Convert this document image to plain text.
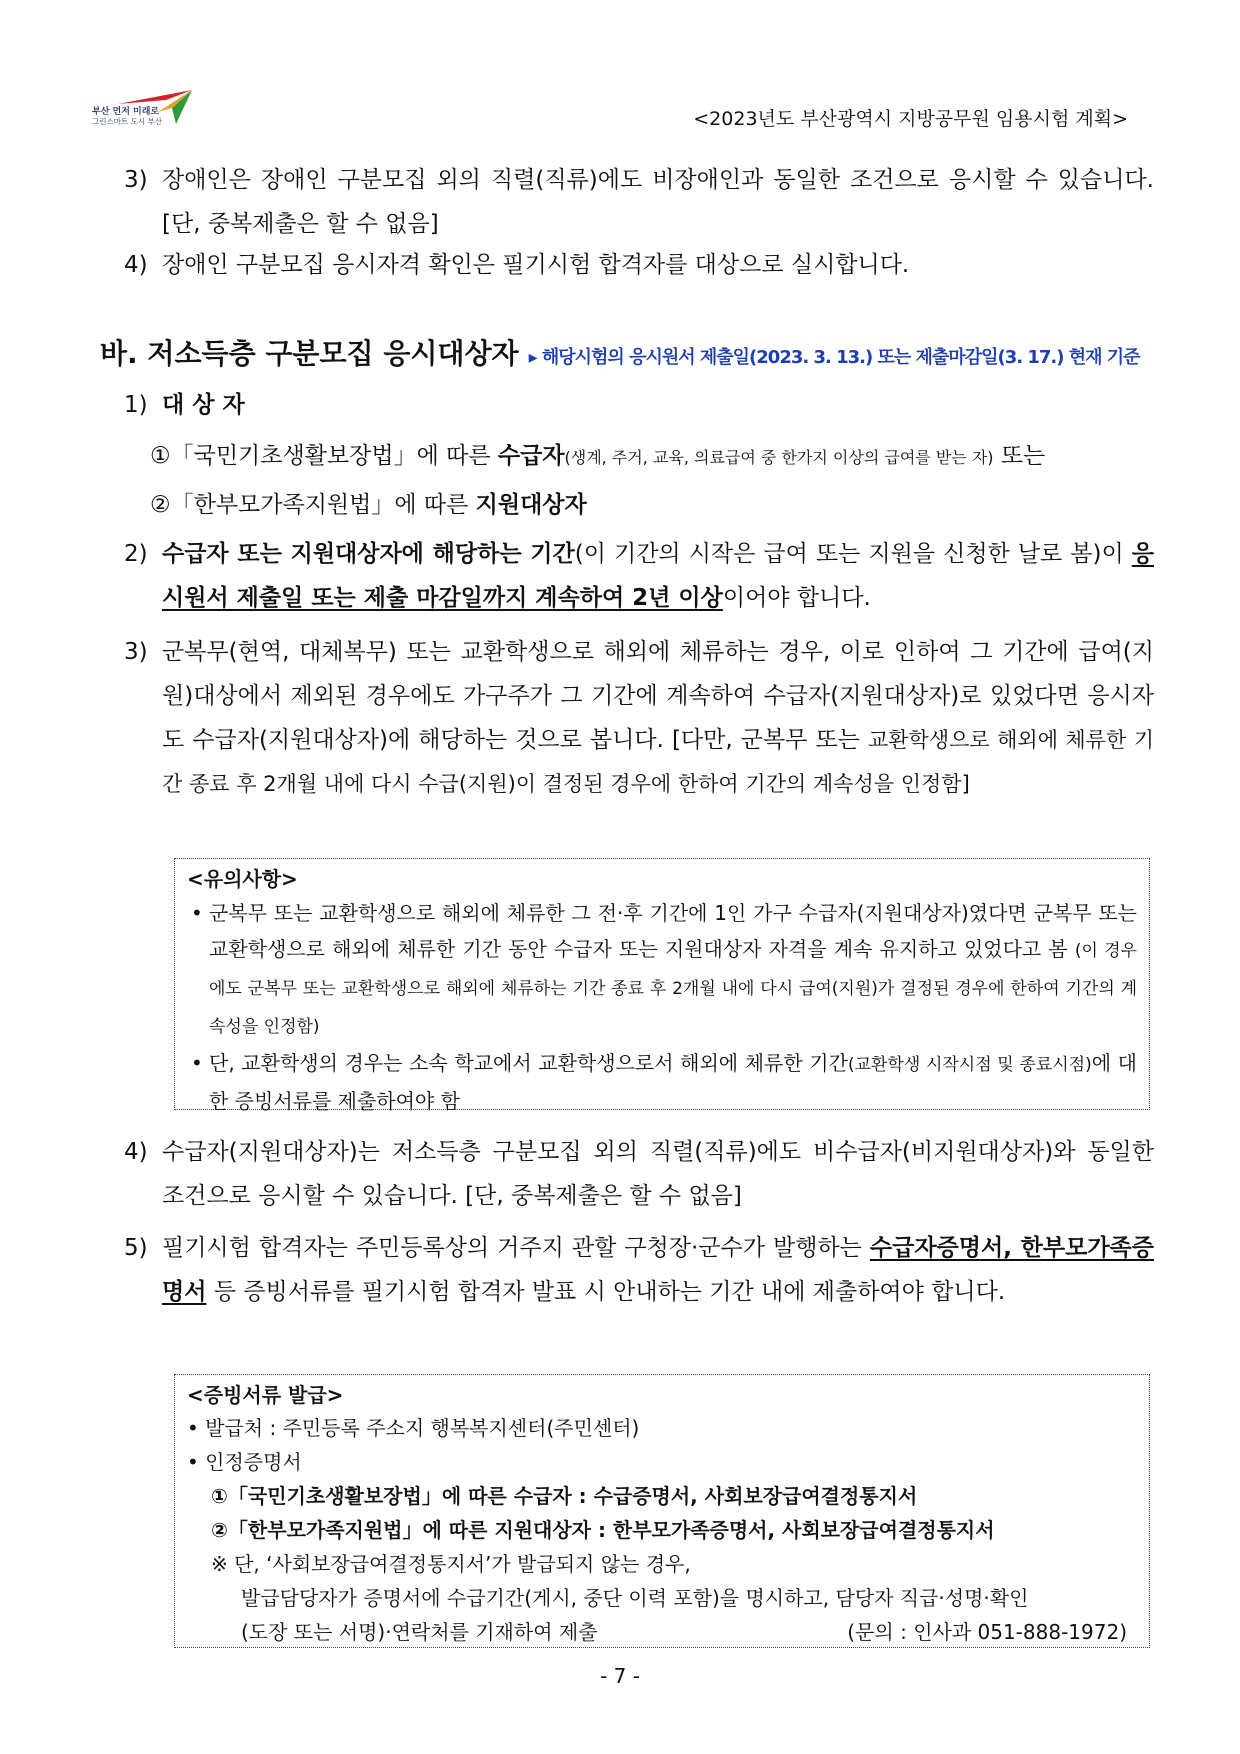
부산 먼저 미래로
그린스마트 도시 부산	<2023년도 부산광역시 지방공무원 임용시험 계획>
3) 장애인은 장애인 구분모집 외의 직렬(직류)에도 비장애인과 동일한 조건으로 응시할 수 있습니다. [단, 중복제출은 할 수 없음]
4) 장애인 구분모집 응시자격 확인은 필기시험 합격자를 대상으로 실시합니다.
바. 저소득층 구분모집 응시대상자 ▸ 해당시험의 응시원서 제출일(2023. 3. 13.) 또는 제출마감일(3. 17.) 현재 기준
1) 대 상 자
①「국민기초생활보장법」에 따른 수급자(생계, 주거, 교육, 의료급여 중 한가지 이상의 급여를 받는 자) 또는
②「한부모가족지원법」에 따른 지원대상자
2) 수급자 또는 지원대상자에 해당하는 기간(이 기간의 시작은 급여 또는 지원을 신청한 날로 봄)이 응시원서 제출일 또는 제출 마감일까지 계속하여 2년 이상이어야 합니다.
3) 군복무(현역, 대체복무) 또는 교환학생으로 해외에 체류하는 경우, 이로 인하여 그 기간에 급여(지원)대상에서 제외된 경우에도 가구주가 그 기간에 계속하여 수급자(지원대상자)로 있었다면 응시자도 수급자(지원대상자)에 해당하는 것으로 봅니다. [다만, 군복무 또는 교환학생으로 해외에 체류한 기간 종료 후 2개월 내에 다시 수급(지원)이 결정된 경우에 한하여 기간의 계속성을 인정함]
<유의사항>
• 군복무 또는 교환학생으로 해외에 체류한 그 전·후 기간에 1인 가구 수급자(지원대상자)였다면 군복무 또는 교환학생으로 해외에 체류한 기간 동안 수급자 또는 지원대상자 자격을 계속 유지하고 있었다고 봄 (이 경우에도 군복무 또는 교환학생으로 해외에 체류하는 기간 종료 후 2개월 내에 다시 급여(지원)가 결정된 경우에 한하여 기간의 계속성을 인정함)
• 단, 교환학생의 경우는 소속 학교에서 교환학생으로서 해외에 체류한 기간(교환학생 시작시점 및 종료시점)에 대한 증빙서류를 제출하여야 함
4) 수급자(지원대상자)는 저소득층 구분모집 외의 직렬(직류)에도 비수급자(비지원대상자)와 동일한 조건으로 응시할 수 있습니다. [단, 중복제출은 할 수 없음]
5) 필기시험 합격자는 주민등록상의 거주지 관할 구청장·군수가 발행하는 수급자증명서, 한부모가족증명서 등 증빙서류를 필기시험 합격자 발표 시 안내하는 기간 내에 제출하여야 합니다.
<증빙서류 발급>
• 발급처 : 주민등록 주소지 행복복지센터(주민센터)
• 인정증명서
①「국민기초생활보장법」에 따른 수급자 : 수급증명서, 사회보장급여결정통지서
②「한부모가족지원법」에 따른 지원대상자 : 한부모가족증명서, 사회보장급여결정통지서
※ 단, ‘사회보장급여결정통지서’가 발급되지 않는 경우,
발급담당자가 증명서에 수급기간(게시, 중단 이력 포함)을 명시하고, 담당자 직급·성명·확인
(도장 또는 서명)·연락처를 기재하여 제출	(문의 : 인사과 051-888-1972)
- 7 -
